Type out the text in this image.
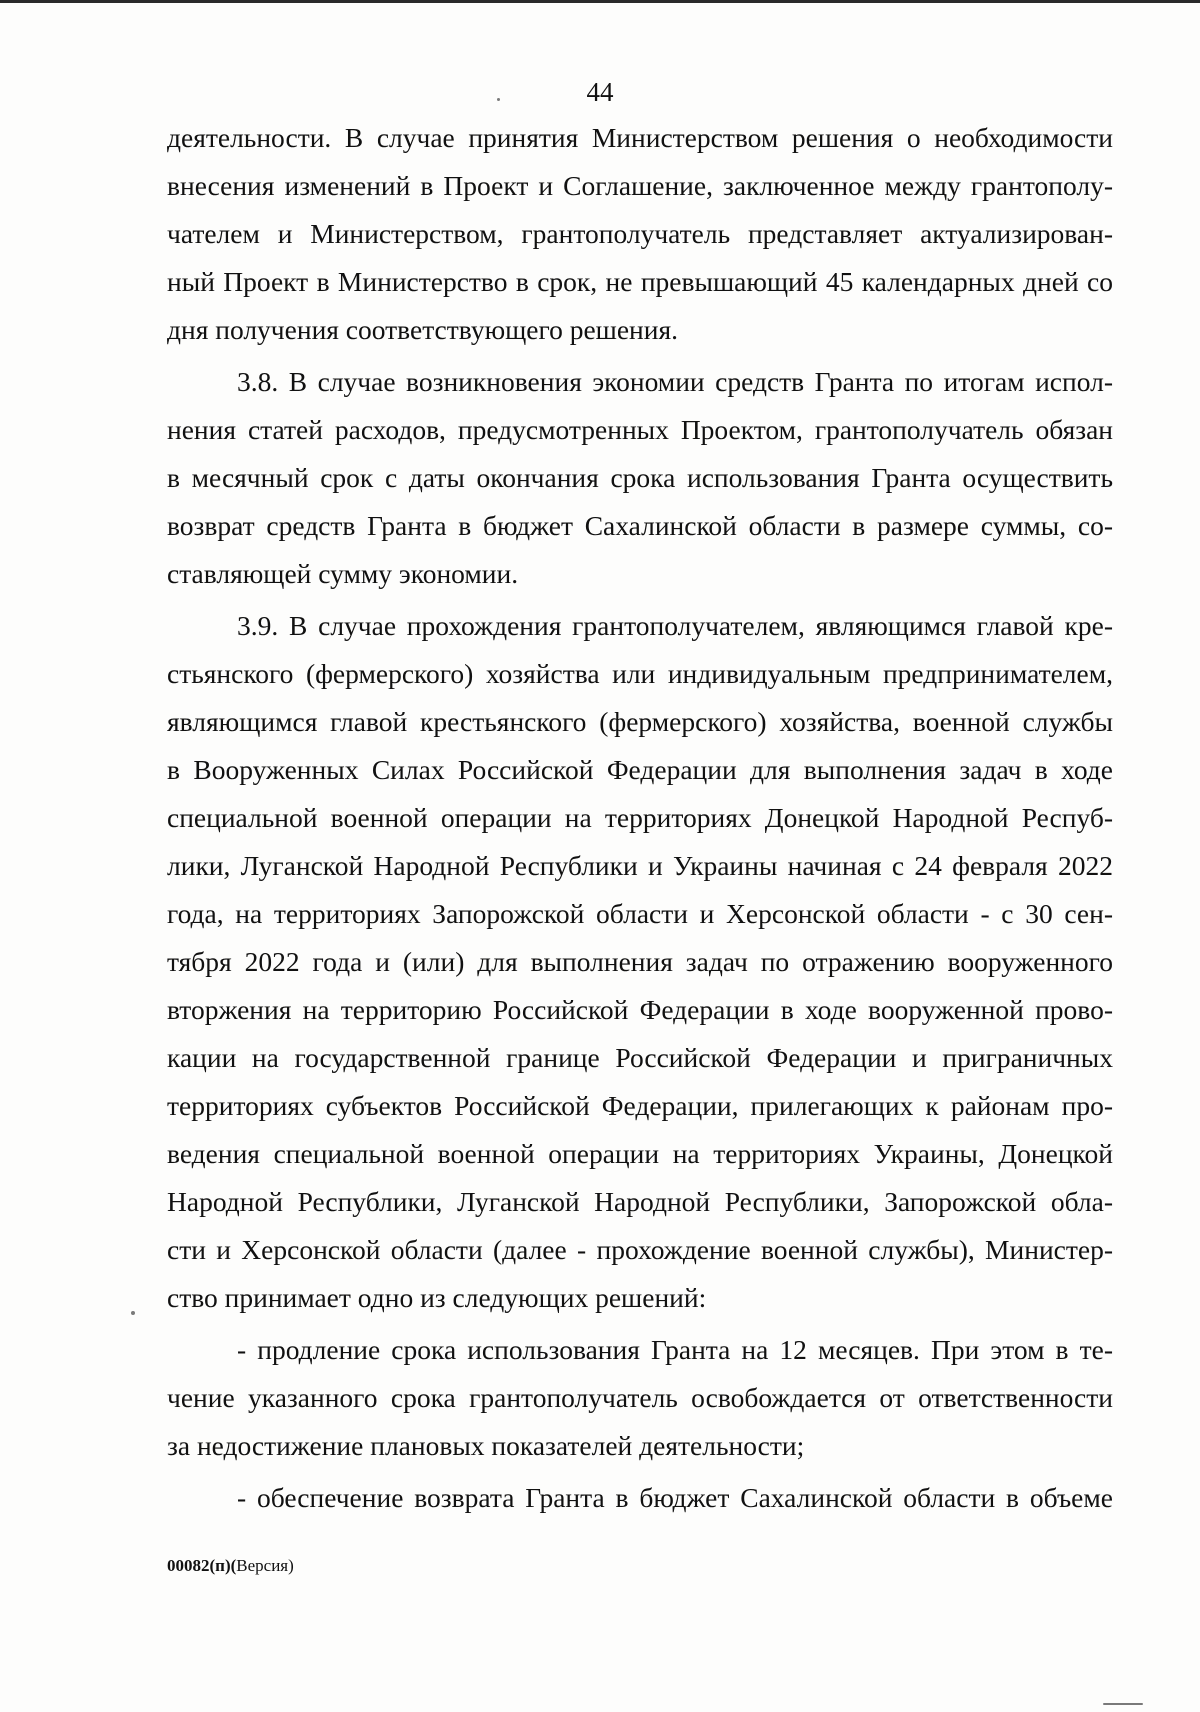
44
деятельности. В случае принятия Министерством решения о необходимости
внесения изменений в Проект и Соглашение, заключенное между грантополу-
чателем и Министерством, грантополучатель представляет актуализирован-
ный Проект в Министерство в срок, не превышающий 45 календарных дней со
дня получения соответствующего решения.
3.8. В случае возникновения экономии средств Гранта по итогам испол-
нения статей расходов, предусмотренных Проектом, грантополучатель обязан
в месячный срок с даты окончания срока использования Гранта осуществить
возврат средств Гранта в бюджет Сахалинской области в размере суммы, со-
ставляющей сумму экономии.
3.9. В случае прохождения грантополучателем, являющимся главой кре-
стьянского (фермерского) хозяйства или индивидуальным предпринимателем,
являющимся главой крестьянского (фермерского) хозяйства, военной службы
в Вооруженных Силах Российской Федерации для выполнения задач в ходе
специальной военной операции на территориях Донецкой Народной Респуб-
лики, Луганской Народной Республики и Украины начиная с 24 февраля 2022
года, на территориях Запорожской области и Херсонской области - с 30 сен-
тября 2022 года и (или) для выполнения задач по отражению вооруженного
вторжения на территорию Российской Федерации в ходе вооруженной прово-
кации на государственной границе Российской Федерации и приграничных
территориях субъектов Российской Федерации, прилегающих к районам про-
ведения специальной военной операции на территориях Украины, Донецкой
Народной Республики, Луганской Народной Республики, Запорожской обла-
сти и Херсонской области (далее - прохождение военной службы), Министер-
ство принимает одно из следующих решений:
- продление срока использования Гранта на 12 месяцев. При этом в те-
чение указанного срока грантополучатель освобождается от ответственности
за недостижение плановых показателей деятельности;
- обеспечение возврата Гранта в бюджет Сахалинской области в объеме
00082(п)(Версия)
